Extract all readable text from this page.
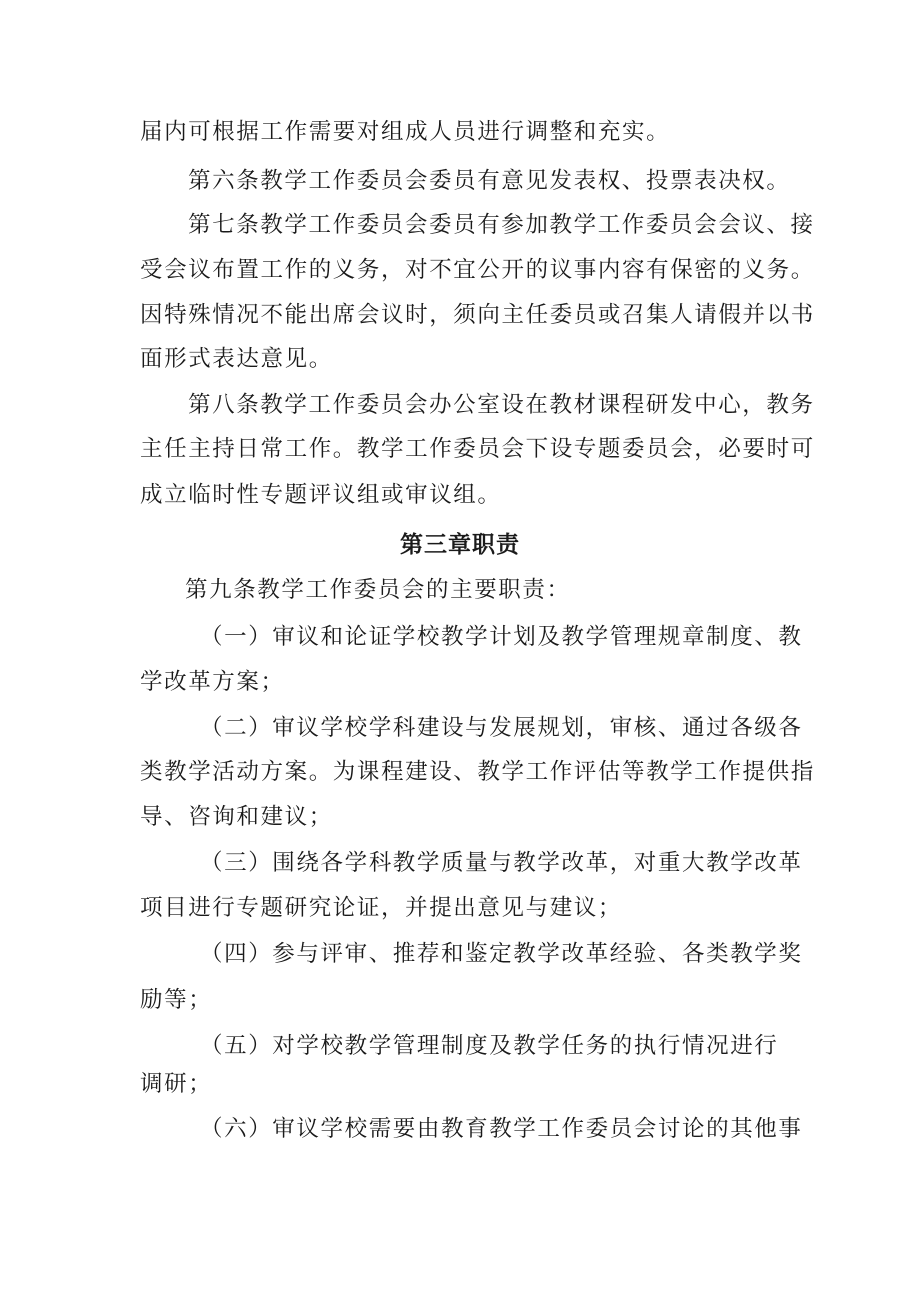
届内可根据工作需要对组成人员进行调整和充实。
第六条教学工作委员会委员有意见发表权、投票表决权。
第七条教学工作委员会委员有参加教学工作委员会会议、接
受会议布置工作的义务，对不宜公开的议事内容有保密的义务。
因特殊情况不能出席会议时，须向主任委员或召集人请假并以书
面形式表达意见。
第八条教学工作委员会办公室设在教材课程研发中心，教务
主任主持日常工作。教学工作委员会下设专题委员会，必要时可
成立临时性专题评议组或审议组。
第三章职责
第九条教学工作委员会的主要职责：
（一）审议和论证学校教学计划及教学管理规章制度、教
学改革方案；
（二）审议学校学科建设与发展规划，审核、通过各级各
类教学活动方案。为课程建设、教学工作评估等教学工作提供指
导、咨询和建议；
（三）围绕各学科教学质量与教学改革，对重大教学改革
项目进行专题研究论证，并提出意见与建议；
（四）参与评审、推荐和鉴定教学改革经验、各类教学奖
励等；
（五）对学校教学管理制度及教学任务的执行情况进行
调研；
（六）审议学校需要由教育教学工作委员会讨论的其他事
